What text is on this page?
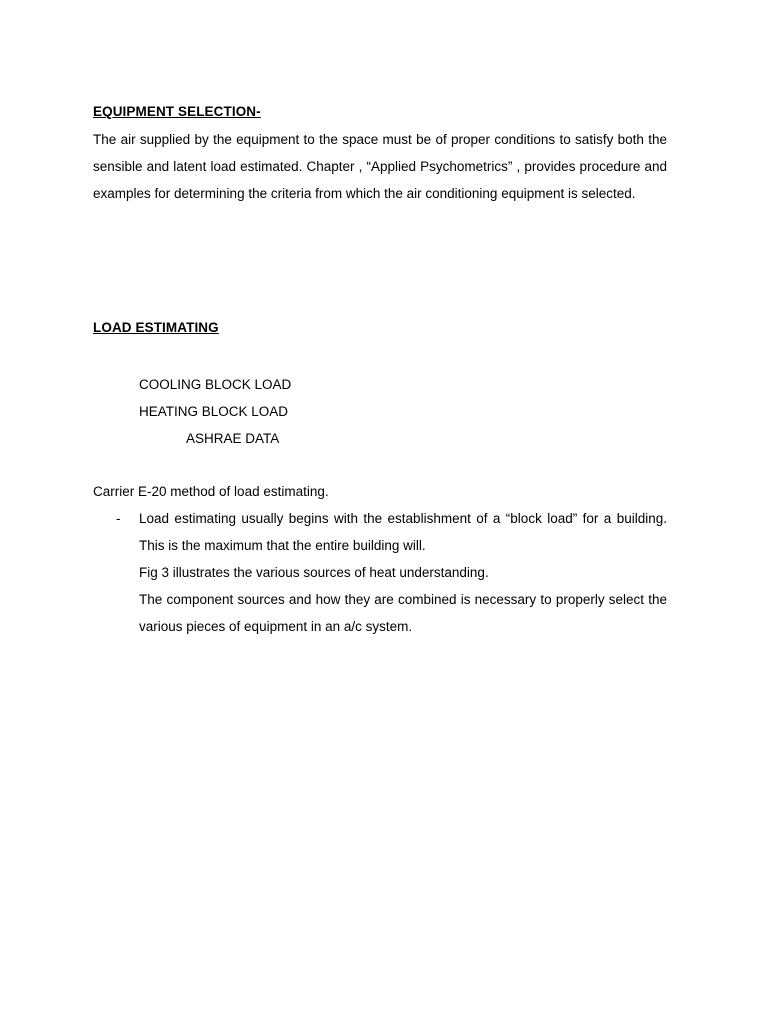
EQUIPMENT SELECTION-
The air supplied by the equipment to the space must be of proper conditions to satisfy both the sensible and latent load estimated. Chapter , “Applied Psychometrics” , provides procedure and examples for determining the criteria from which the air conditioning equipment is selected.
LOAD ESTIMATING
COOLING BLOCK LOAD
HEATING BLOCK LOAD
ASHRAE DATA
Carrier E-20 method of load estimating.
- Load estimating usually begins with the establishment of a “block load” for a building. This is the maximum that the entire building will.

Fig 3 illustrates the various sources of heat understanding.

The component sources and how they are combined is necessary to properly select the various pieces of equipment in an a/c system.
